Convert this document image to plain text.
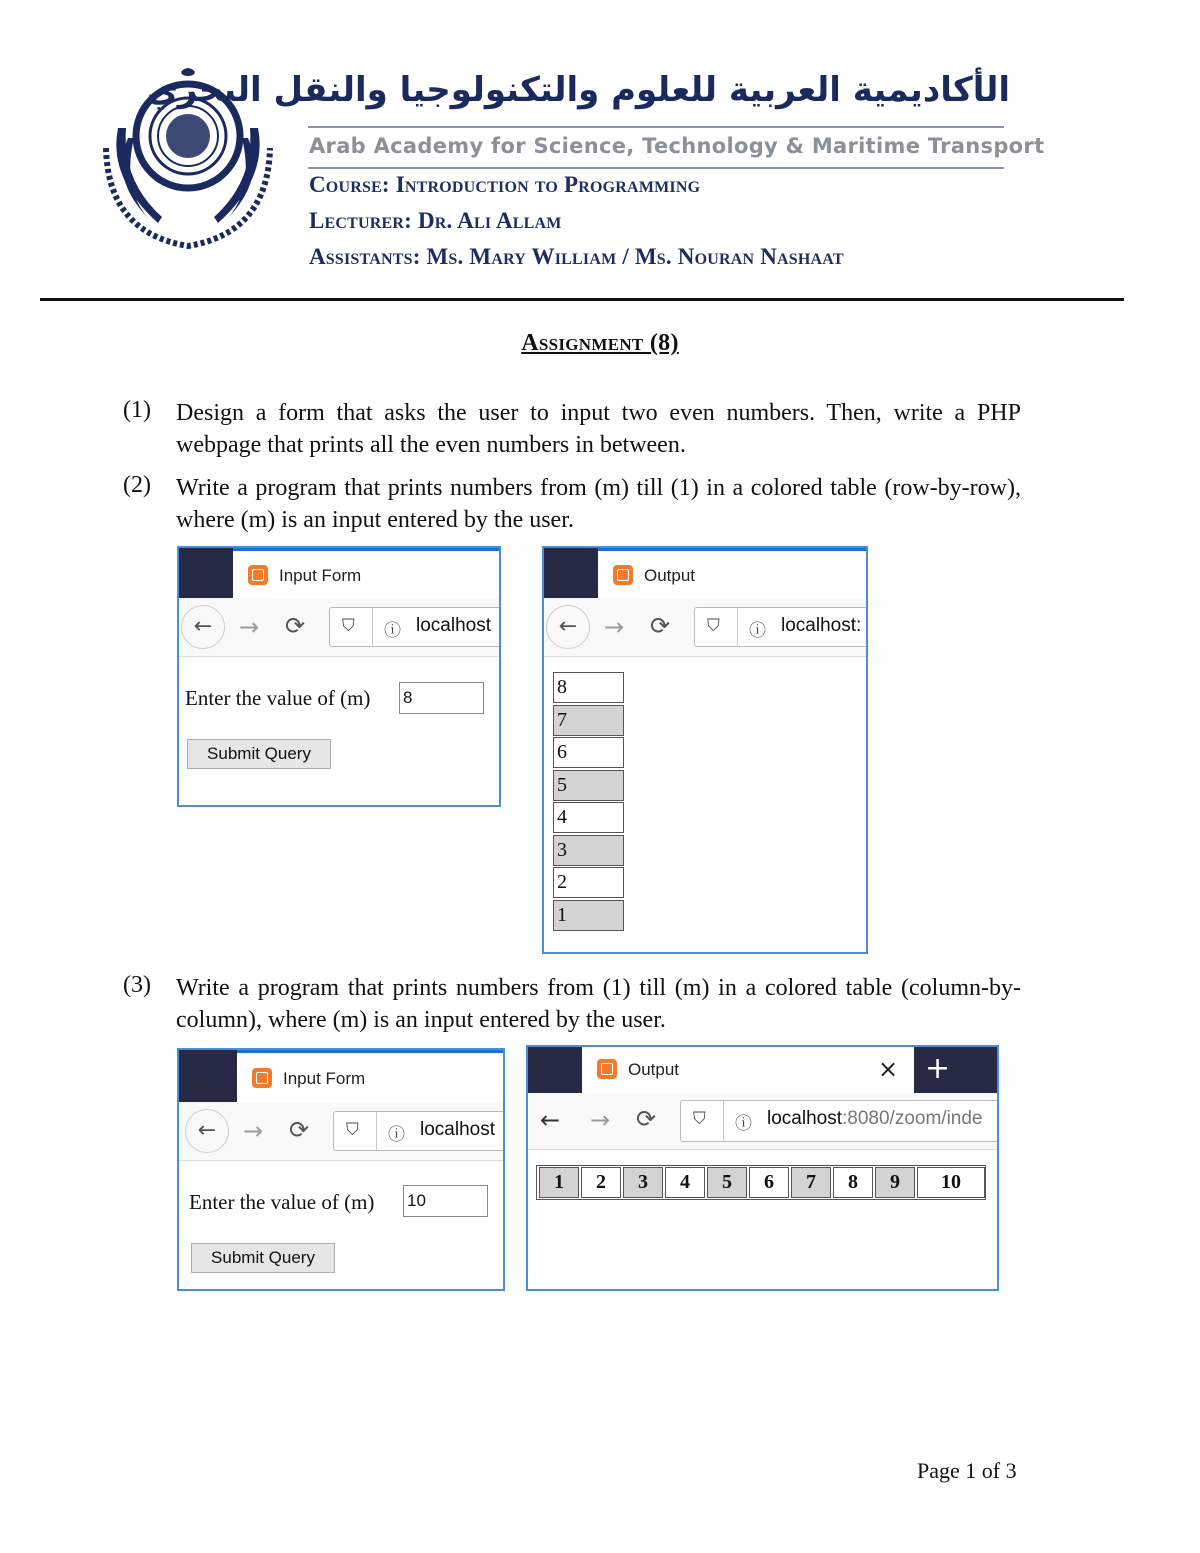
الأكاديمية العربية للعلوم والتكنولوجيا والنقل البحري
Arab Academy for Science, Technology & Maritime Transport
Course: Introduction to Programming
Lecturer: Dr. Ali Allam
Assistants: Ms. Mary William / Ms. Nouran Nashaat
Assignment (8)
(1) Design a form that asks the user to input two even numbers. Then, write a PHP webpage that prints all the even numbers in between.
(2) Write a program that prints numbers from (m) till (1) in a colored table (row-by-row), where (m) is an input entered by the user.
Input Form
←	→ ⟳ ⛉ ⓘ localhost
Enter the value of (m) 8
Submit Query
Output
←	→ ⟳ ⛉ ⓘ localhost:
8
7
6
5
4
3
2
1
(3) Write a program that prints numbers from (1) till (m) in a colored table (column-by-column), where (m) is an input entered by the user.
Input Form
←	→ ⟳ ⛉ ⓘ localhost
Enter the value of (m) 10
Submit Query
Output	× +
← → ⟳ ⛉ ⓘ localhost:8080/zoom/inde
1	2	3	4	5	6	7	8	9	10
Page 1 of 3
